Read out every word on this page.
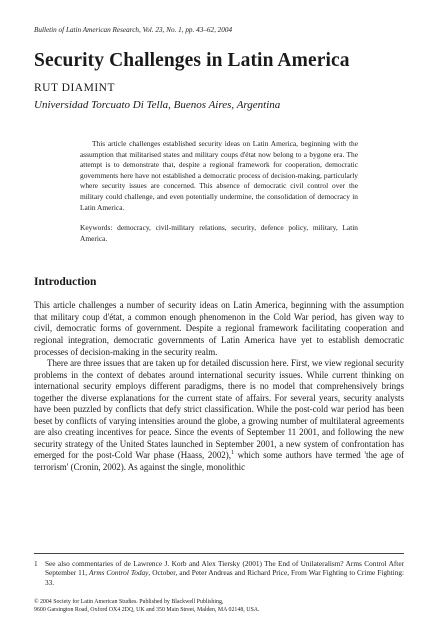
Bulletin of Latin American Research, Vol. 23, No. 1, pp. 43–62, 2004

Security Challenges in Latin America

RUT DIAMINT

Universidad Torcuato Di Tella, Buenos Aires, Argentina

This article challenges established security ideas on Latin America, beginning with the assumption that militarised states and military coups d'état now belong to a bygone era. The attempt is to demonstrate that, despite a regional framework for cooperation, democratic governments here have not established a democratic process of decision-making, particularly where security issues are concerned. This absence of democratic civil control over the military could challenge, and even potentially undermine, the consolidation of democracy in Latin America.

Keywords: democracy, civil-military relations, security, defence policy, military, Latin America.

Introduction

This article challenges a number of security ideas on Latin America, beginning with the assumption that military coup d'état, a common enough phenomenon in the Cold War period, has given way to civil, democratic forms of government. Despite a regional framework facilitating cooperation and regional integration, democratic governments of Latin America have yet to establish democratic processes of decision-making in the security realm.

There are three issues that are taken up for detailed discussion here. First, we view regional security problems in the context of debates around international security issues. While current thinking on international security employs different paradigms, there is no model that comprehensively brings together the diverse explanations for the current state of affairs. For several years, security analysts have been puzzled by conflicts that defy strict classification. While the post-cold war period has been beset by conflicts of varying intensities around the globe, a growing number of multilateral agreements are also creating incentives for peace. Since the events of September 11 2001, and following the new security strategy of the United States launched in September 2001, a new system of confrontation has emerged for the post-Cold War phase (Haass, 2002),$^1$ which some authors have termed 'the age of terrorism' (Cronin, 2002). As against the single, monolithic

1 See also commentaries of de Lawrence J. Korb and Alex Tiersky (2001) The End of Unilateralism? Arms Control After September 11, Arms Control Today, October, and Peter Andreas and Richard Price, From War Fighting to Crime Fighting: 33.

© 2004 Society for Latin American Studies. Published by Blackwell Publishing,

9600 Garsington Road, Oxford OX4 2DQ, UK and 350 Main Street, Malden, MA 02148, USA.
